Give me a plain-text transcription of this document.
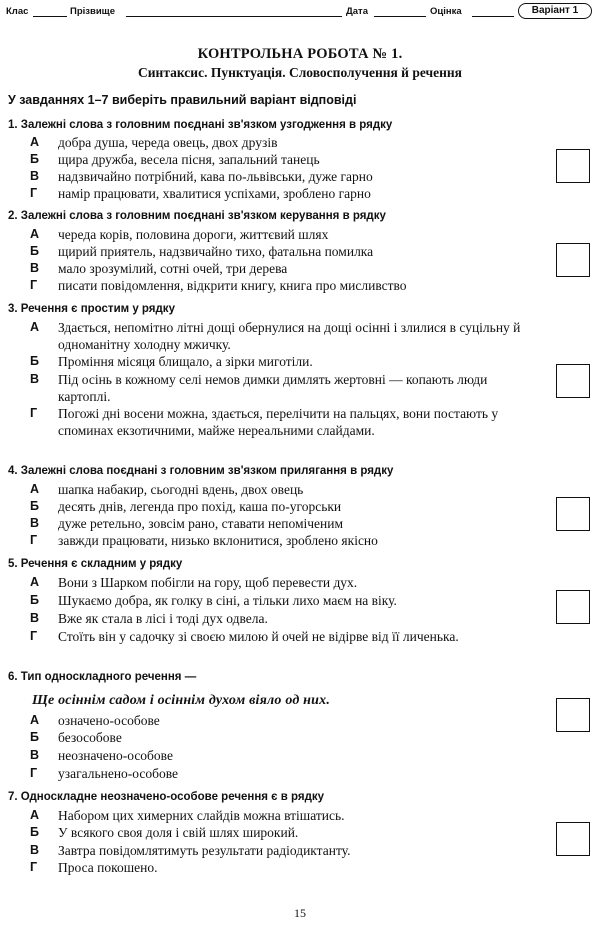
Клас	Прізвище	Дата	Оцінка	Варіант 1
КОНТРОЛЬНА РОБОТА № 1.
Синтаксис. Пунктуація. Словосполучення й речення
У завданнях 1–7 виберіть правильний варіант відповіді
1. Залежні слова з головним поєднані зв'язком узгодження в рядку
А	добра душа, череда овець, двох друзів
Б	щира дружба, весела пісня, запальний танець
В	надзвичайно потрібний, кава по-львівськи, дуже гарно
Г	намір працювати, хвалитися успіхами, зроблено гарно
2. Залежні слова з головним поєднані зв'язком керування в рядку
А	череда корів, половина дороги, життєвий шлях
Б	щирий приятель, надзвичайно тихо, фатальна помилка
В	мало зрозумілий, сотні очей, три дерева
Г	писати повідомлення, відкрити книгу, книга про мисливство
3. Речення є простим у рядку
А	Здається, непомітно літні дощі обернулися на дощі осінні і злилися в суцільну й одноманітну холодну мжичку.
Б	Проміння місяця блищало, а зірки миготіли.
В	Під осінь в кожному селі немов димки димлять жертовні — копають люди картоплі.
Г	Погожі дні восени можна, здається, перелічити на пальцях, вони постають у споминах екзотичними, майже нереальними слайдами.
4. Залежні слова поєднані з головним зв'язком прилягання в рядку
А	шапка набакир, сьогодні вдень, двох овець
Б	десять днів, легенда про похід, каша по-угорськи
В	дуже ретельно, зовсім рано, ставати непоміченим
Г	завжди працювати, низько вклонитися, зроблено якісно
5. Речення є складним у рядку
А	Вони з Шарком побігли на гору, щоб перевести дух.
Б	Шукаємо добра, як голку в сіні, а тільки лихо маєм на віку.
В	Вже як стала в лісі і тоді дух одвела.
Г	Стоїть він у садочку зі своєю милою й очей не відірве від її личенька.
6. Тип односкладного речення —
Ще осіннім садом і осіннім духом віяло од них.
А	означено-особове
Б	безособове
В	неозначено-особове
Г	узагальнено-особове
7. Односкладне неозначено-особове речення є в рядку
А	Набором цих химерних слайдів можна втішатись.
Б	У всякого своя доля і свій шлях широкий.
В	Завтра повідомлятимуть результати радіодиктанту.
Г	Проса покошено.
15
